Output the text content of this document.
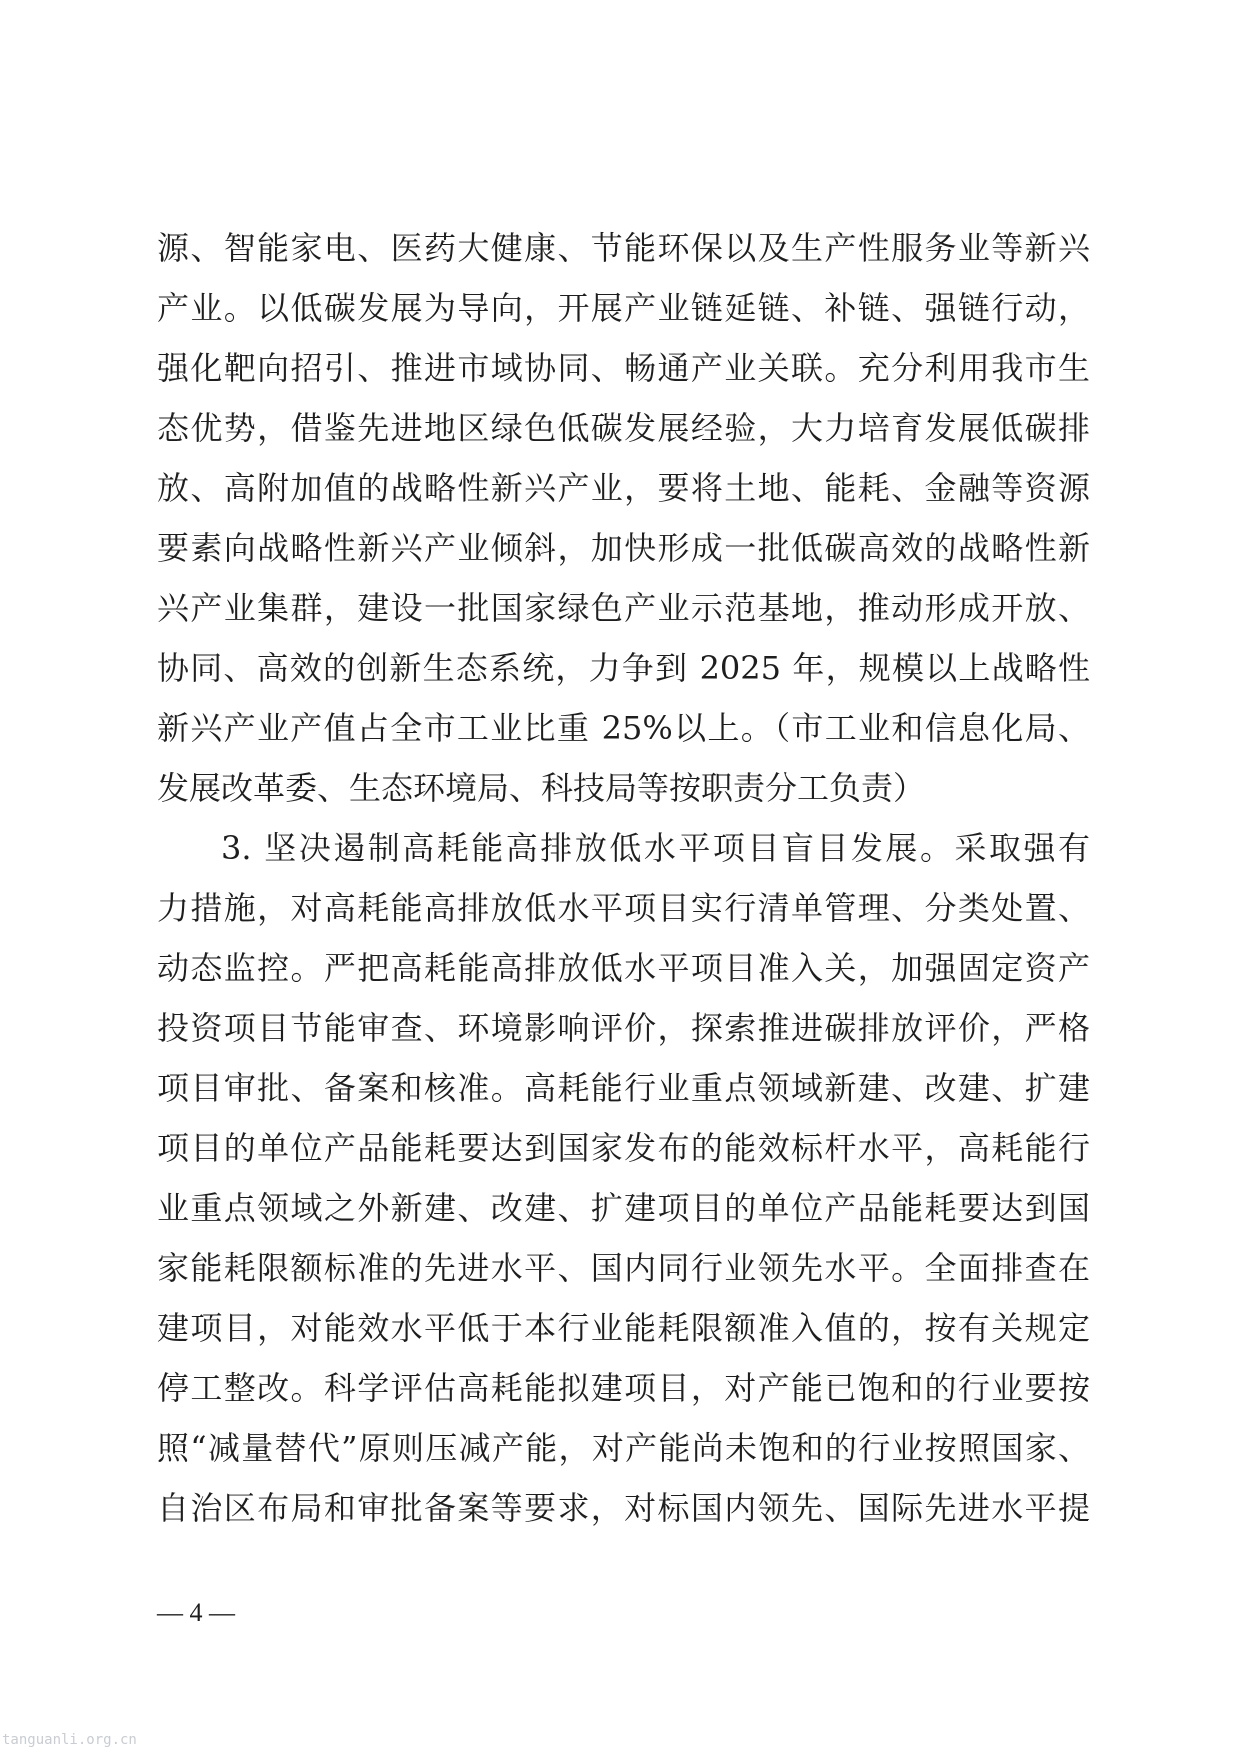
源、智能家电、医药大健康、节能环保以及生产性服务业等新兴
产业。以低碳发展为导向，开展产业链延链、补链、强链行动，
强化靶向招引、推进市域协同、畅通产业关联。充分利用我市生
态优势，借鉴先进地区绿色低碳发展经验，大力培育发展低碳排
放、高附加值的战略性新兴产业，要将土地、能耗、金融等资源
要素向战略性新兴产业倾斜，加快形成一批低碳高效的战略性新
兴产业集群，建设一批国家绿色产业示范基地，推动形成开放、
协同、高效的创新生态系统，力争到 2025 年，规模以上战略性
新兴产业产值占全市工业比重 25%以上。（市工业和信息化局、
发展改革委、生态环境局、科技局等按职责分工负责）
3. 坚决遏制高耗能高排放低水平项目盲目发展。采取强有
力措施，对高耗能高排放低水平项目实行清单管理、分类处置、
动态监控。严把高耗能高排放低水平项目准入关，加强固定资产
投资项目节能审查、环境影响评价，探索推进碳排放评价，严格
项目审批、备案和核准。高耗能行业重点领域新建、改建、扩建
项目的单位产品能耗要达到国家发布的能效标杆水平，高耗能行
业重点领域之外新建、改建、扩建项目的单位产品能耗要达到国
家能耗限额标准的先进水平、国内同行业领先水平。全面排查在
建项目，对能效水平低于本行业能耗限额准入值的，按有关规定
停工整改。科学评估高耗能拟建项目，对产能已饱和的行业要按
照“减量替代”原则压减产能，对产能尚未饱和的行业按照国家、
自治区布局和审批备案等要求，对标国内领先、国际先进水平提
— 4 —
tanguanli.org.cn
